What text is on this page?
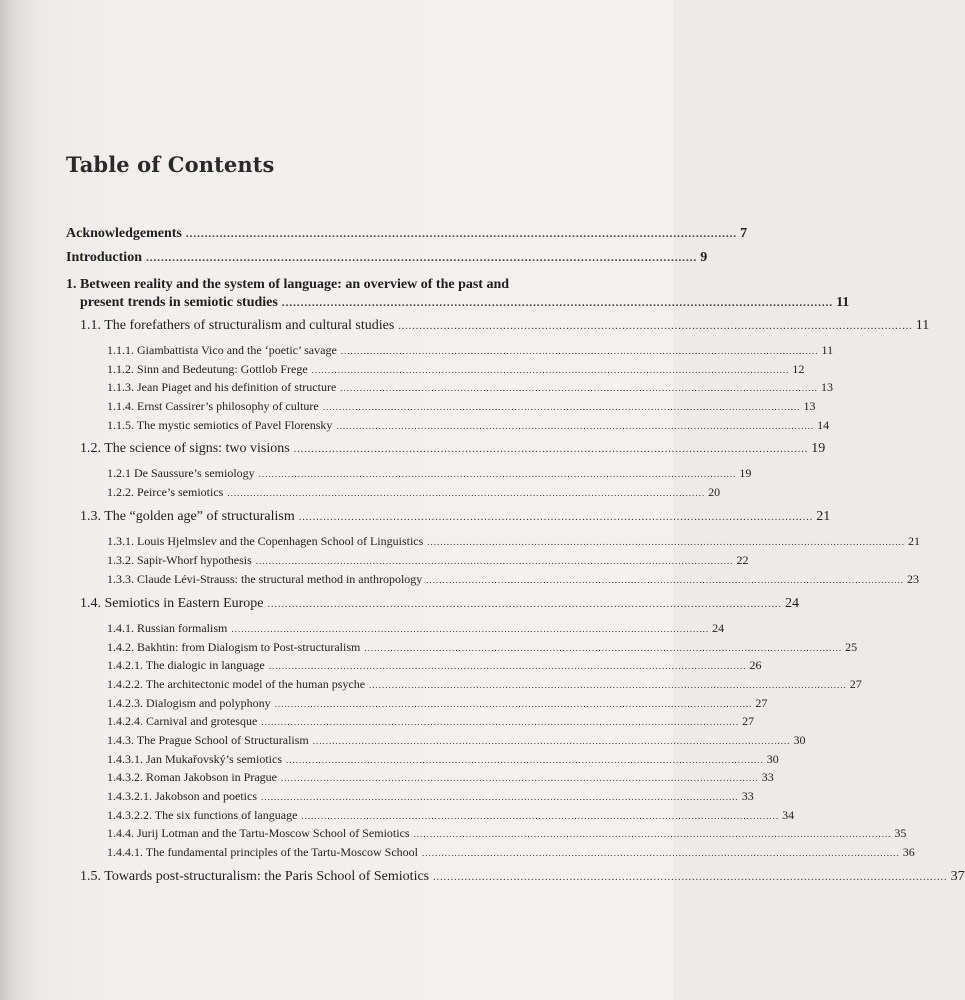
Table of Contents
Acknowledgements ................................................................................................................................................... 7
Introduction ................................................................................................................................................... 9
1. Between reality and the system of language: an overview of the past and
present trends in semiotic studies ................................................................................................................................................... 11
1.1. The forefathers of structuralism and cultural studies ................................................................................................................................................... 11
1.1.1. Giambattista Vico and the ‘poetic’ savage ................................................................................................................................................... 11
1.1.2. Sinn and Bedeutung: Gottlob Frege ................................................................................................................................................... 12
1.1.3. Jean Piaget and his definition of structure ................................................................................................................................................... 13
1.1.4. Ernst Cassirer’s philosophy of culture ................................................................................................................................................... 13
1.1.5. The mystic semiotics of Pavel Florensky ................................................................................................................................................... 14
1.2. The science of signs: two visions ................................................................................................................................................... 19
1.2.1 De Saussure’s semiology ................................................................................................................................................... 19
1.2.2. Peirce’s semiotics ................................................................................................................................................... 20
1.3. The “golden age” of structuralism ................................................................................................................................................... 21
1.3.1. Louis Hjelmslev and the Copenhagen School of Linguistics ................................................................................................................................................... 21
1.3.2. Sapir-Whorf hypothesis ................................................................................................................................................... 22
1.3.3. Claude Lévi-Strauss: the structural method in anthropology ................................................................................................................................................... 23
1.4. Semiotics in Eastern Europe ................................................................................................................................................... 24
1.4.1. Russian formalism ................................................................................................................................................... 24
1.4.2. Bakhtin: from Dialogism to Post-structuralism ................................................................................................................................................... 25
1.4.2.1. The dialogic in language ................................................................................................................................................... 26
1.4.2.2. The architectonic model of the human psyche ................................................................................................................................................... 27
1.4.2.3. Dialogism and polyphony ................................................................................................................................................... 27
1.4.2.4. Carnival and grotesque ................................................................................................................................................... 27
1.4.3. The Prague School of Structuralism ................................................................................................................................................... 30
1.4.3.1. Jan Mukařovský’s semiotics ................................................................................................................................................... 30
1.4.3.2. Roman Jakobson in Prague ................................................................................................................................................... 33
1.4.3.2.1. Jakobson and poetics ................................................................................................................................................... 33
1.4.3.2.2. The six functions of language ................................................................................................................................................... 34
1.4.4. Jurij Lotman and the Tartu-Moscow School of Semiotics ................................................................................................................................................... 35
1.4.4.1. The fundamental principles of the Tartu-Moscow School ................................................................................................................................................... 36
1.5. Towards post-structuralism: the Paris School of Semiotics ................................................................................................................................................... 37
